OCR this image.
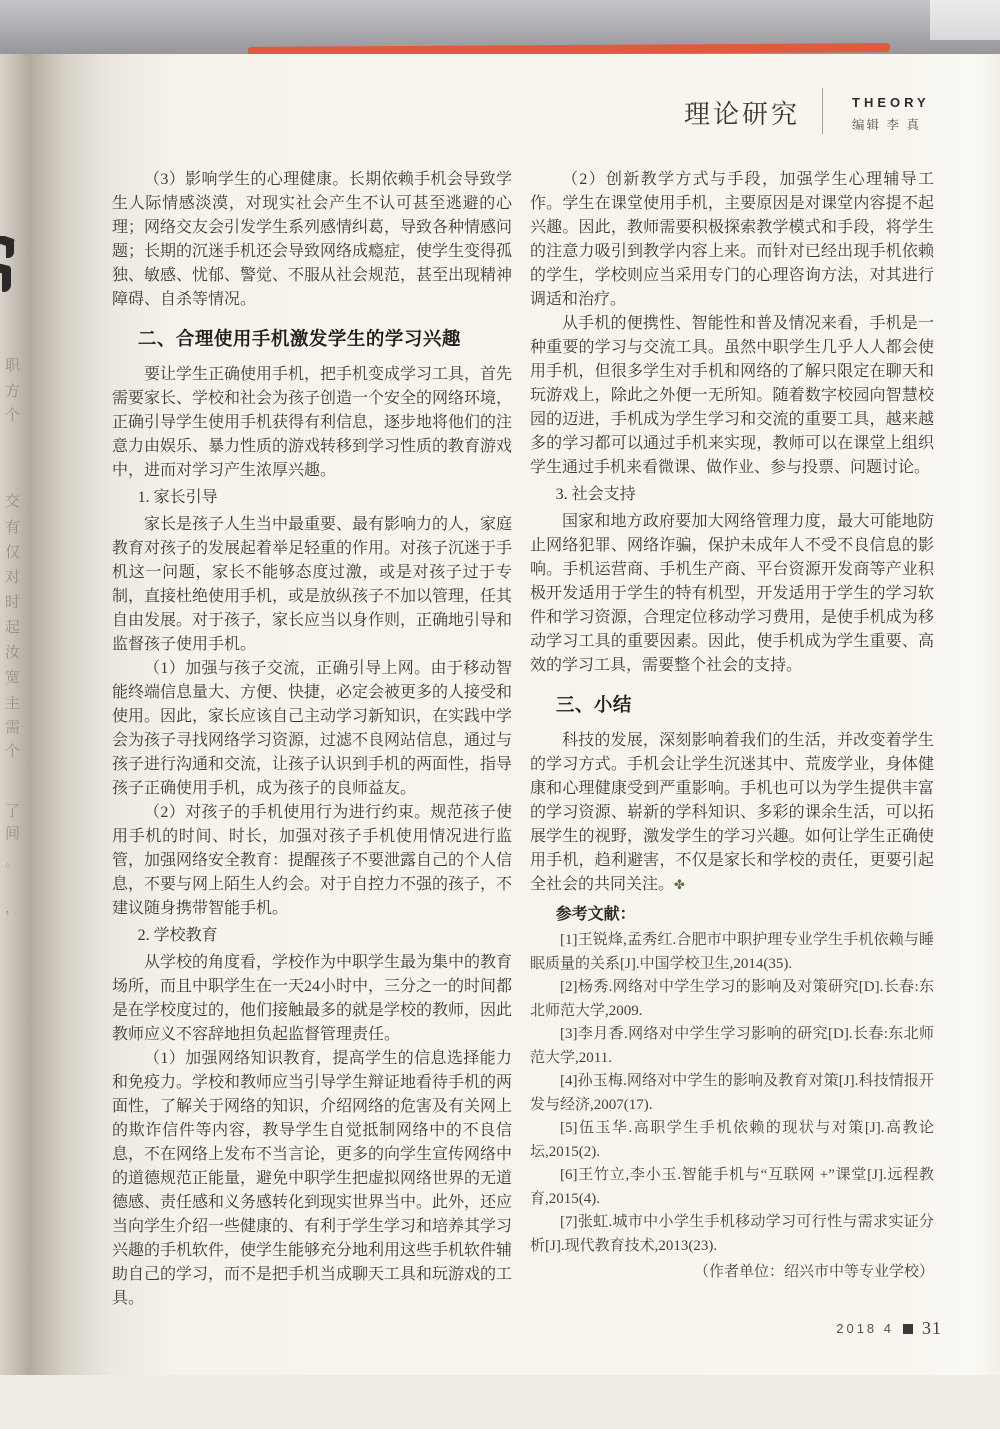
职
方
个
交
有
仅
对
时
起
汝
宽
主
需
个
了
间
。
，
理论研究	THEORY
编辑 李 真

（3）影响学生的心理健康。长期依赖手机会导致学生人际情感淡漠，对现实社会产生不认可甚至逃避的心理；网络交友会引发学生系列感情纠葛，导致各种情感问题；长期的沉迷手机还会导致网络成瘾症，使学生变得孤独、敏感、忧郁、警觉、不服从社会规范，甚至出现精神障碍、自杀等情况。

二、合理使用手机激发学生的学习兴趣

要让学生正确使用手机，把手机变成学习工具，首先需要家长、学校和社会为孩子创造一个安全的网络环境，正确引导学生使用手机获得有利信息，逐步地将他们的注意力由娱乐、暴力性质的游戏转移到学习性质的教育游戏中，进而对学习产生浓厚兴趣。

1. 家长引导

家长是孩子人生当中最重要、最有影响力的人，家庭教育对孩子的发展起着举足轻重的作用。对孩子沉迷于手机这一问题，家长不能够态度过激，或是对孩子过于专制，直接杜绝使用手机，或是放纵孩子不加以管理，任其自由发展。对于孩子，家长应当以身作则，正确地引导和监督孩子使用手机。

（1）加强与孩子交流，正确引导上网。由于移动智能终端信息量大、方便、快捷，必定会被更多的人接受和使用。因此，家长应该自己主动学习新知识，在实践中学会为孩子寻找网络学习资源，过滤不良网站信息，通过与孩子进行沟通和交流，让孩子认识到手机的两面性，指导孩子正确使用手机，成为孩子的良师益友。

（2）对孩子的手机使用行为进行约束。规范孩子使用手机的时间、时长，加强对孩子手机使用情况进行监管，加强网络安全教育：提醒孩子不要泄露自己的个人信息，不要与网上陌生人约会。对于自控力不强的孩子，不建议随身携带智能手机。

2. 学校教育

从学校的角度看，学校作为中职学生最为集中的教育场所，而且中职学生在一天24小时中，三分之一的时间都是在学校度过的，他们接触最多的就是学校的教师，因此教师应义不容辞地担负起监督管理责任。

（1）加强网络知识教育，提高学生的信息选择能力和免疫力。学校和教师应当引导学生辩证地看待手机的两面性，了解关于网络的知识，介绍网络的危害及有关网上的欺诈信件等内容，教导学生自觉抵制网络中的不良信息，不在网络上发布不当言论，更多的向学生宣传网络中的道德规范正能量，避免中职学生把虚拟网络世界的无道德感、责任感和义务感转化到现实世界当中。此外，还应当向学生介绍一些健康的、有利于学生学习和培养其学习兴趣的手机软件，使学生能够充分地利用这些手机软件辅助自己的学习，而不是把手机当成聊天工具和玩游戏的工具。

（2）创新教学方式与手段，加强学生心理辅导工作。学生在课堂使用手机，主要原因是对课堂内容提不起兴趣。因此，教师需要积极探索教学模式和手段，将学生的注意力吸引到教学内容上来。而针对已经出现手机依赖的学生，学校则应当采用专门的心理咨询方法，对其进行调适和治疗。

从手机的便携性、智能性和普及情况来看，手机是一种重要的学习与交流工具。虽然中职学生几乎人人都会使用手机，但很多学生对手机和网络的了解只限定在聊天和玩游戏上，除此之外便一无所知。随着数字校园向智慧校园的迈进，手机成为学生学习和交流的重要工具，越来越多的学习都可以通过手机来实现，教师可以在课堂上组织学生通过手机来看微课、做作业、参与投票、问题讨论。

3. 社会支持

国家和地方政府要加大网络管理力度，最大可能地防止网络犯罪、网络诈骗，保护未成年人不受不良信息的影响。手机运营商、手机生产商、平台资源开发商等产业积极开发适用于学生的特有机型，开发适用于学生的学习软件和学习资源，合理定位移动学习费用，是使手机成为移动学习工具的重要因素。因此，使手机成为学生重要、高效的学习工具，需要整个社会的支持。

三、小结

科技的发展，深刻影响着我们的生活，并改变着学生的学习方式。手机会让学生沉迷其中、荒废学业，身体健康和心理健康受到严重影响。手机也可以为学生提供丰富的学习资源、崭新的学科知识、多彩的课余生活，可以拓展学生的视野，激发学生的学习兴趣。如何让学生正确使用手机，趋利避害，不仅是家长和学校的责任，更要引起全社会的共同关注。✤

参考文献：

[1]王锐烽,孟秀红.合肥市中职护理专业学生手机依赖与睡眠质量的关系[J].中国学校卫生,2014(35).

[2]杨秀.网络对中学生学习的影响及对策研究[D].长春:东北师范大学,2009.

[3]李月香.网络对中学生学习影响的研究[D].长春:东北师范大学,2011.

[4]孙玉梅.网络对中学生的影响及教育对策[J].科技情报开发与经济,2007(17).

[5]伍玉华.高职学生手机依赖的现状与对策[J].高教论坛,2015(2).

[6]王竹立,李小玉.智能手机与“互联网 +”课堂[J].远程教育,2015(4).

[7]张虹.城市中小学生手机移动学习可行性与需求实证分析[J].现代教育技术,2013(23).

（作者单位：绍兴市中等专业学校）

2018 4 31
